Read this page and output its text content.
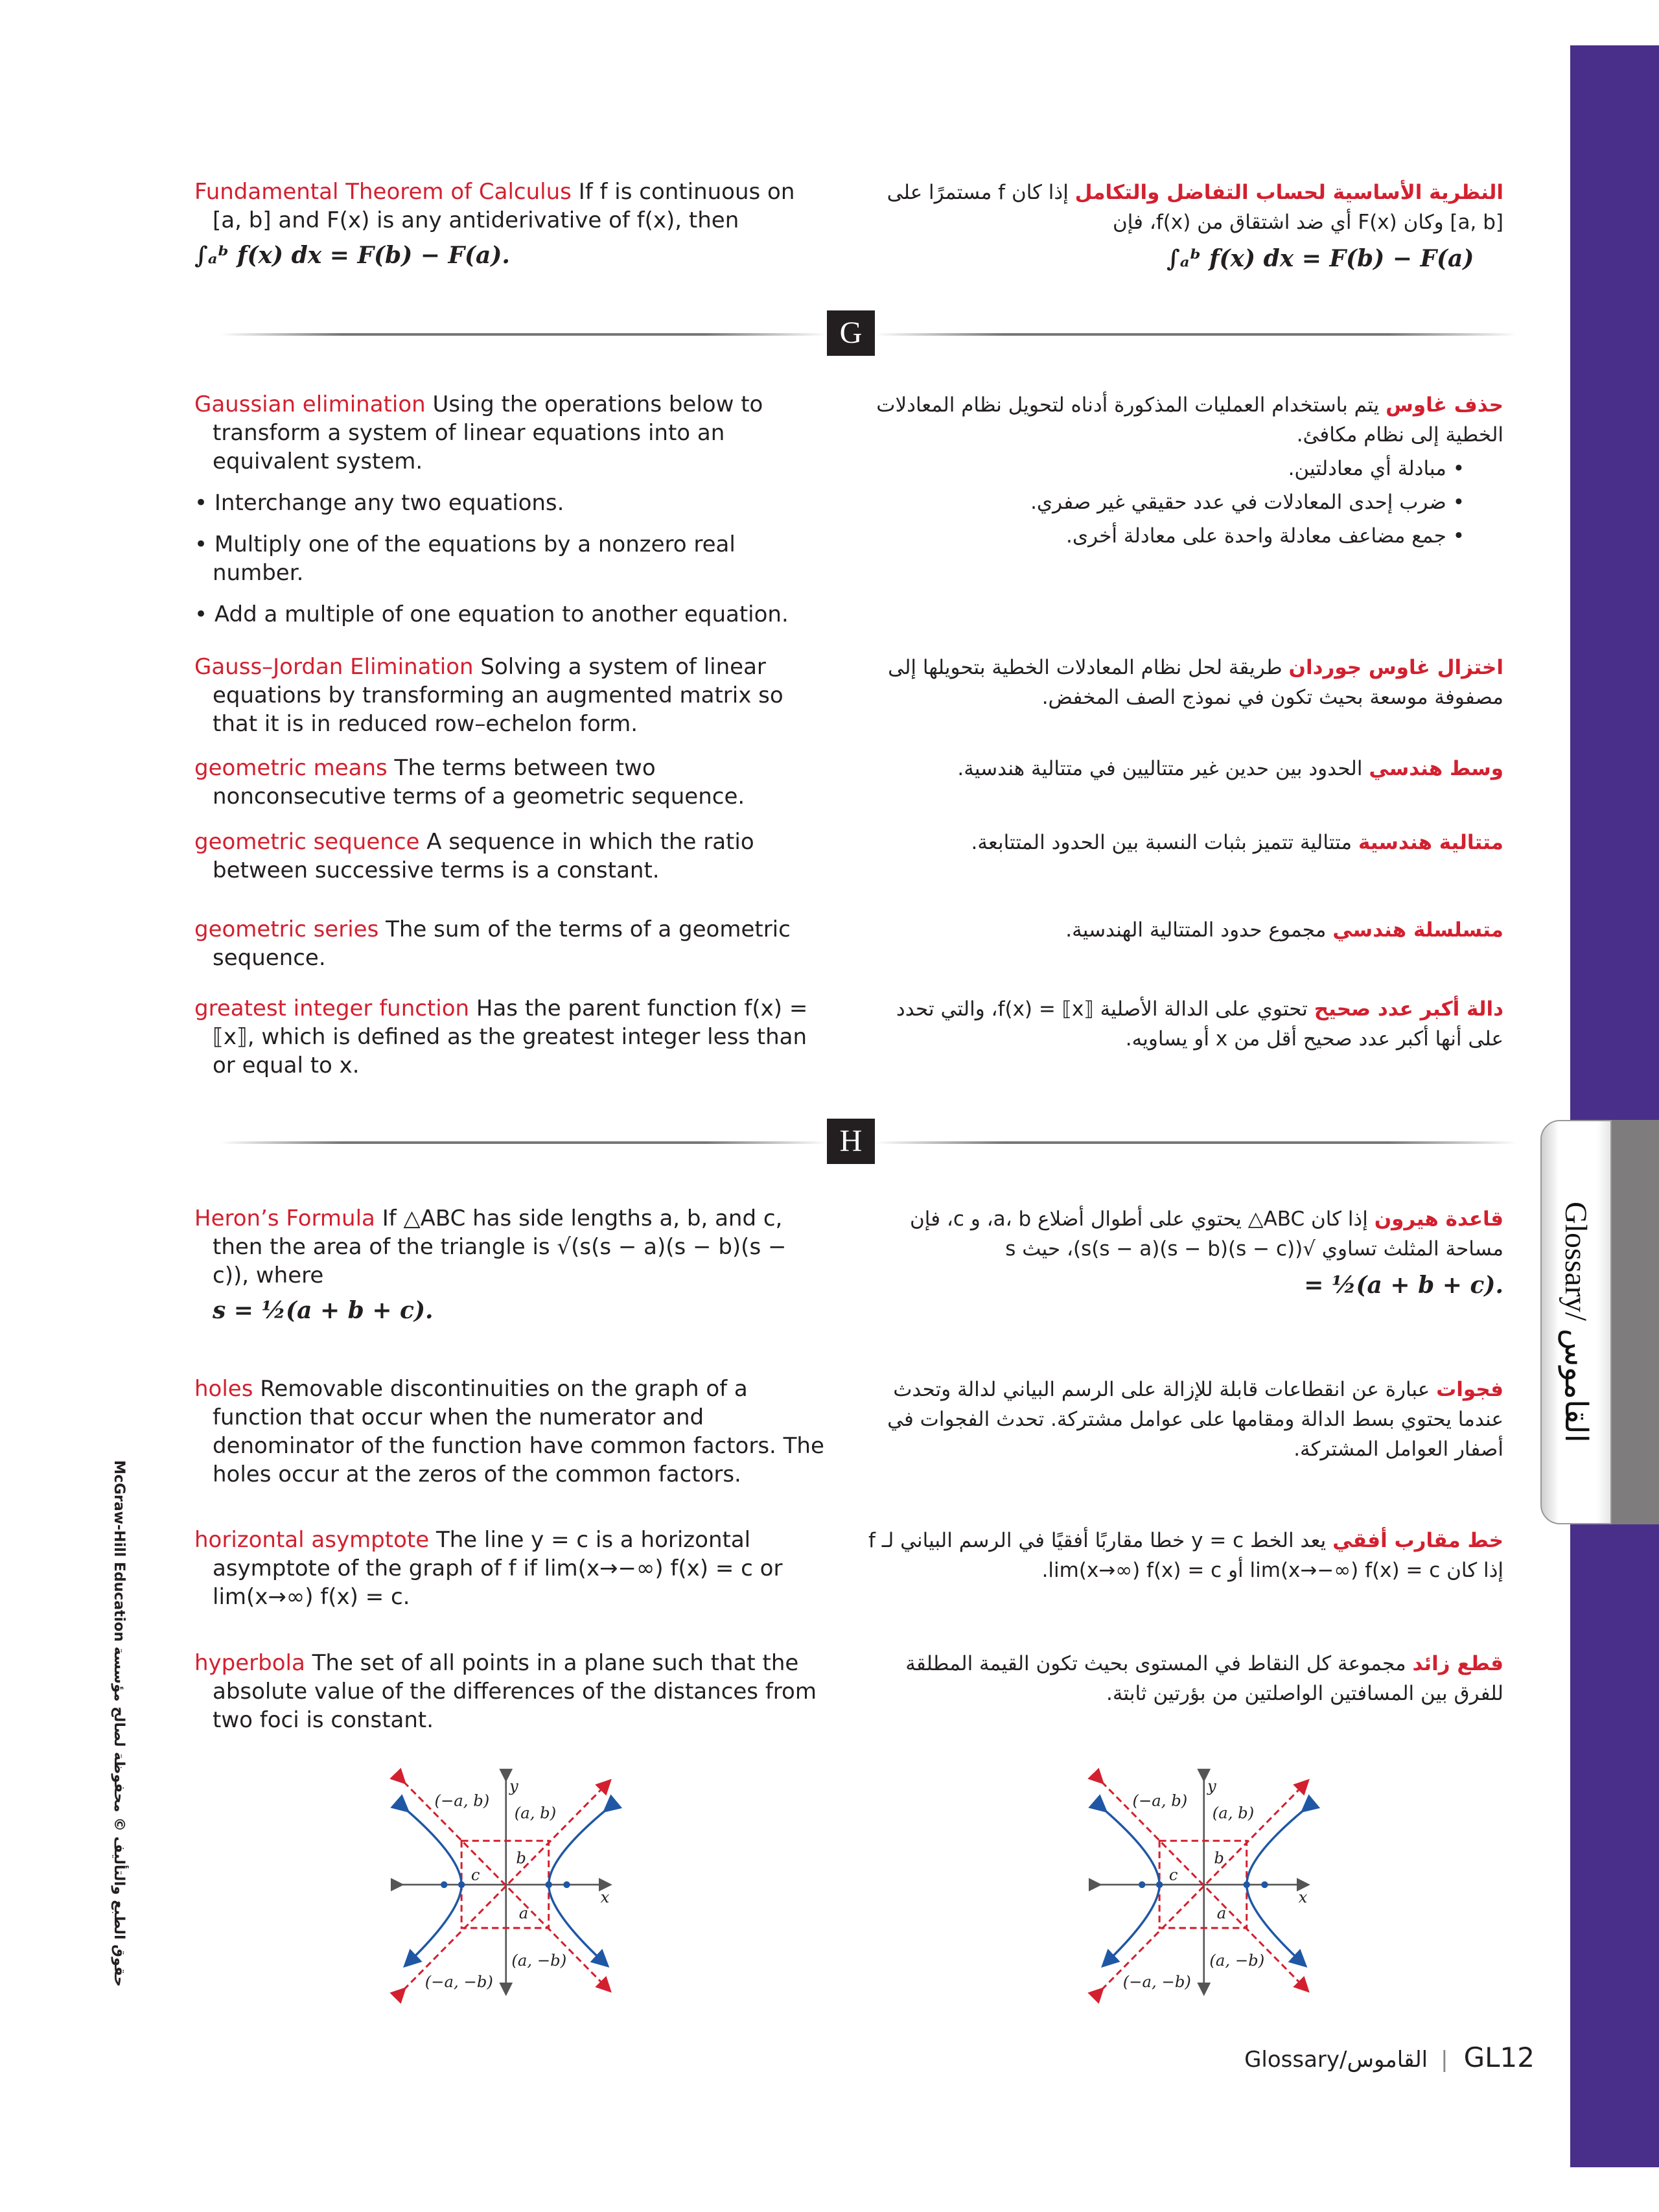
Glossary/ القاموس
Fundamental Theorem of Calculus If f is continuous on [a, b] and F(x) is any antiderivative of f(x), then
∫ₐᵇ f(x) dx = F(b) − F(a).
النظرية الأساسية لحساب التفاضل والتكامل إذا كان f مستمرًا على [a, b] وكان F(x) أي ضد اشتقاق من f(x)، فإن
∫ₐᵇ f(x) dx = F(b) − F(a)
G
Gaussian elimination Using the operations below to transform a system of linear equations into an equivalent system.
• Interchange any two equations.
• Multiply one of the equations by a nonzero real number.
• Add a multiple of one equation to another equation.
حذف غاوس يتم باستخدام العمليات المذكورة أدناه لتحويل نظام المعادلات الخطية إلى نظام مكافئ.
• مبادلة أي معادلتين.
• ضرب إحدى المعادلات في عدد حقيقي غير صفري.
• جمع مضاعف معادلة واحدة على معادلة أخرى.
Gauss–Jordan Elimination Solving a system of linear equations by transforming an augmented matrix so that it is in reduced row–echelon form.
اختزال غاوس جوردان طريقة لحل نظام المعادلات الخطية بتحويلها إلى مصفوفة موسعة بحيث تكون في نموذج الصف المخفض.
geometric means The terms between two nonconsecutive terms of a geometric sequence.
وسط هندسي الحدود بين حدين غير متتاليين في متتالية هندسية.
geometric sequence A sequence in which the ratio between successive terms is a constant.
متتالية هندسية متتالية تتميز بثبات النسبة بين الحدود المتتابعة.
geometric series The sum of the terms of a geometric sequence.
متسلسلة هندسي مجموع حدود المتتالية الهندسية.
greatest integer function Has the parent function f(x) = ⟦x⟧, which is defined as the greatest integer less than or equal to x.
دالة أكبر عدد صحيح تحتوي على الدالة الأصلية f(x) = ⟦x⟧، والتي تحدد على أنها أكبر عدد صحيح أقل من x أو يساويه.
H
Heron’s Formula If △ABC has side lengths a, b, and c, then the area of the triangle is √(s(s − a)(s − b)(s − c)), where
s = ½(a + b + c).
قاعدة هيرون إذا كان ABC△ يحتوي على أطوال أضلاع a، b، و c، فإن مساحة المثلث تساوي √(s(s − a)(s − b)(s − c))، حيث s
= ½(a + b + c).
holes Removable discontinuities on the graph of a function that occur when the numerator and denominator of the function have common factors. The holes occur at the zeros of the common factors.
فجوات عبارة عن انقطاعات قابلة للإزالة على الرسم البياني لدالة وتحدث عندما يحتوي بسط الدالة ومقامها على عوامل مشتركة. تحدث الفجوات في أصفار العوامل المشتركة.
horizontal asymptote The line y = c is a horizontal asymptote of the graph of f if lim(x→−∞) f(x) = c or lim(x→∞) f(x) = c.
خط مقارب أفقي يعد الخط y = c خطا مقاربًا أفقيًا في الرسم البياني لـ f إذا كان lim(x→−∞) f(x) = c أو lim(x→∞) f(x) = c.
hyperbola The set of all points in a plane such that the absolute value of the differences of the distances from two foci is constant.
قطع زائد مجموعة كل النقاط في المستوى بحيث تكون القيمة المطلقة للفرق بين المسافتين الواصلتين من بؤرتين ثابتة.
(−a, b)
(a, b)
(−a, −b)
(a, −b)
y
x
b
c
a
(−a, b)
(a, b)
(−a, −b)
(a, −b)
y
x
b
c
a
Glossary/القاموس | GL12
McGraw-Hill Education حقوق الطبع والتأليف © محفوظة لصالح مؤسسة
